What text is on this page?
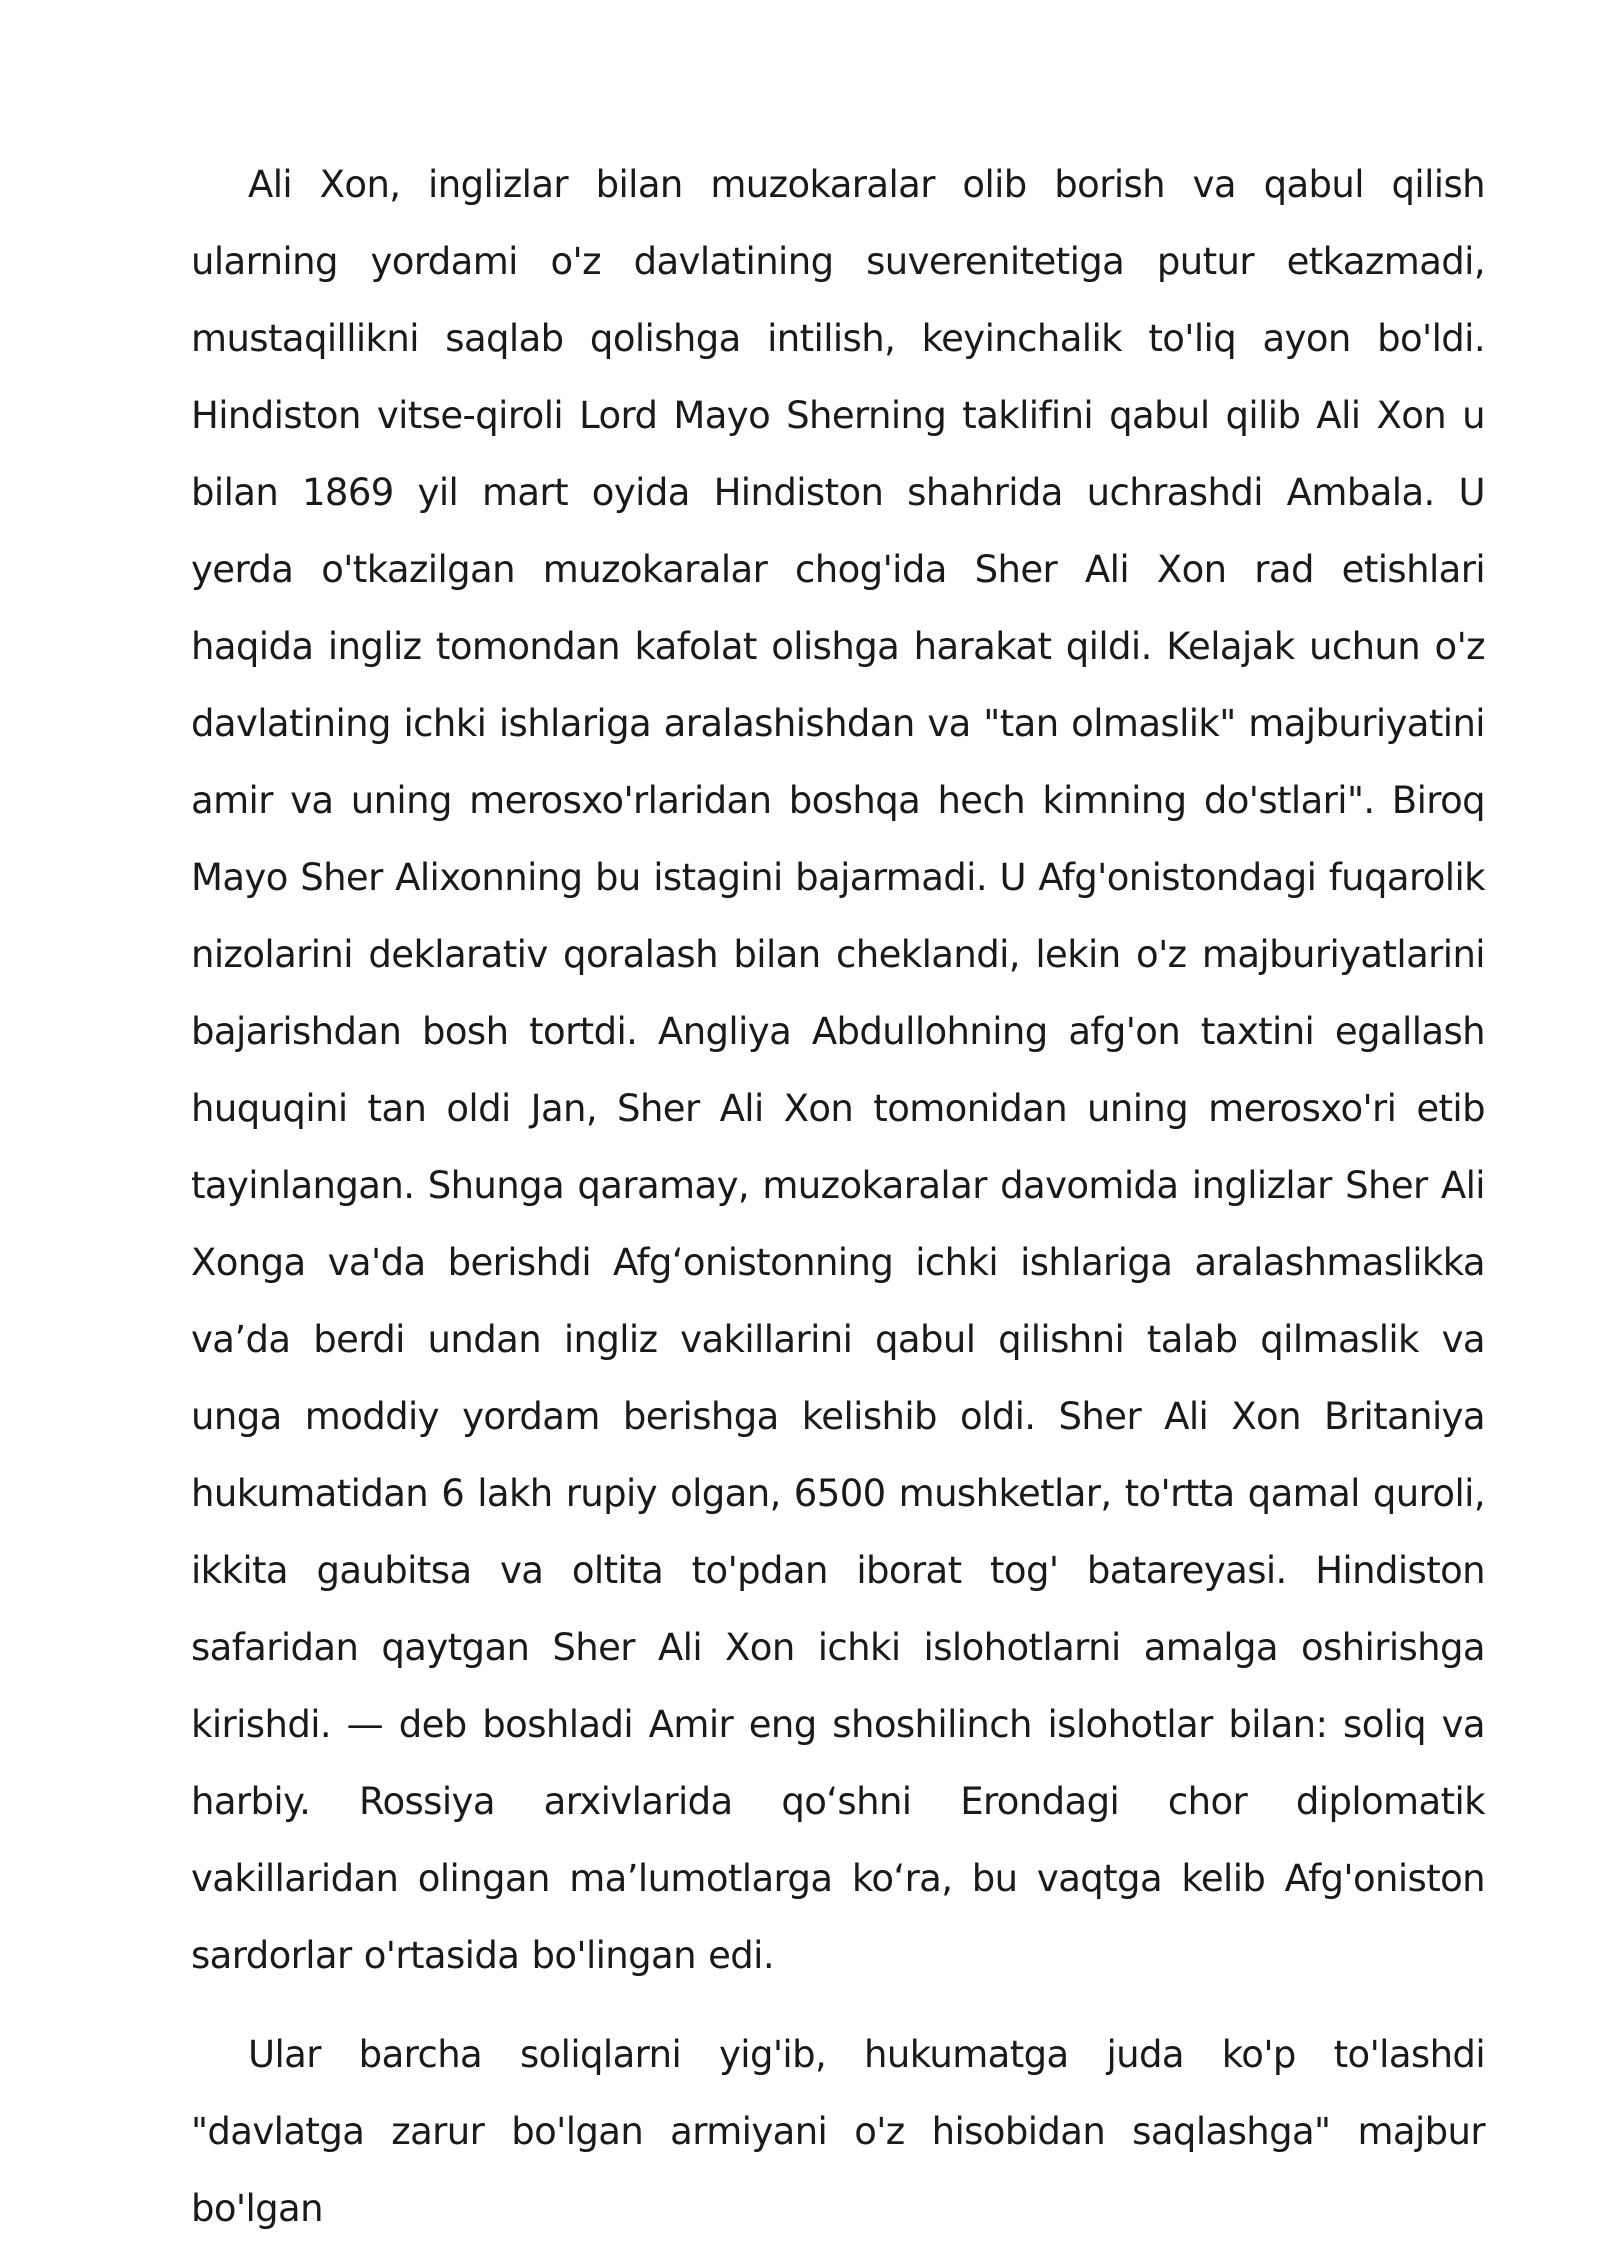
Ali Xon, inglizlar bilan muzokaralar olib borish va qabul qilish ularning yordami o'z davlatining suverenitetiga putur etkazmadi, mustaqillikni saqlab qolishga intilish, keyinchalik to'liq ayon bo'ldi. Hindiston vitse-qiroli Lord Mayo Sherning taklifini qabul qilib Ali Xon u bilan 1869 yil mart oyida Hindiston shahrida uchrashdi Ambala. U yerda o'tkazilgan muzokaralar chog'ida Sher Ali Xon rad etishlari haqida ingliz tomondan kafolat olishga harakat qildi. Kelajak uchun o'z davlatining ichki ishlariga aralashishdan va "tan olmaslik" majburiyatini amir va uning merosxo'rlaridan boshqa hech kimning do'stlari". Biroq Mayo Sher Alixonning bu istagini bajarmadi. U Afg'onistondagi fuqarolik nizolarini deklarativ qoralash bilan cheklandi, lekin o'z majburiyatlarini bajarishdan bosh tortdi. Angliya Abdullohning afg'on taxtini egallash huquqini tan oldi Jan, Sher Ali Xon tomonidan uning merosxo'ri etib tayinlangan. Shunga qaramay, muzokaralar davomida inglizlar Sher Ali Xonga va'da berishdi Afg‘onistonning ichki ishlariga aralashmaslikka va’da berdi undan ingliz vakillarini qabul qilishni talab qilmaslik va unga moddiy yordam berishga kelishib oldi. Sher Ali Xon Britaniya hukumatidan 6 lakh rupiy olgan, 6500 mushketlar, to'rtta qamal quroli, ikkita gaubitsa va oltita to'pdan iborat tog' batareyasi. Hindiston safaridan qaytgan Sher Ali Xon ichki islohotlarni amalga oshirishga kirishdi. — deb boshladi Amir eng shoshilinch islohotlar bilan: soliq va harbiy. Rossiya arxivlarida qo‘shni Erondagi chor diplomatik vakillaridan olingan ma’lumotlarga ko‘ra, bu vaqtga kelib Afg'oniston sardorlar o'rtasida bo'lingan edi.

Ular barcha soliqlarni yig'ib, hukumatga juda ko'p to'lashdi "davlatga zarur bo'lgan armiyani o'z hisobidan saqlashga" majbur bo'lgan
